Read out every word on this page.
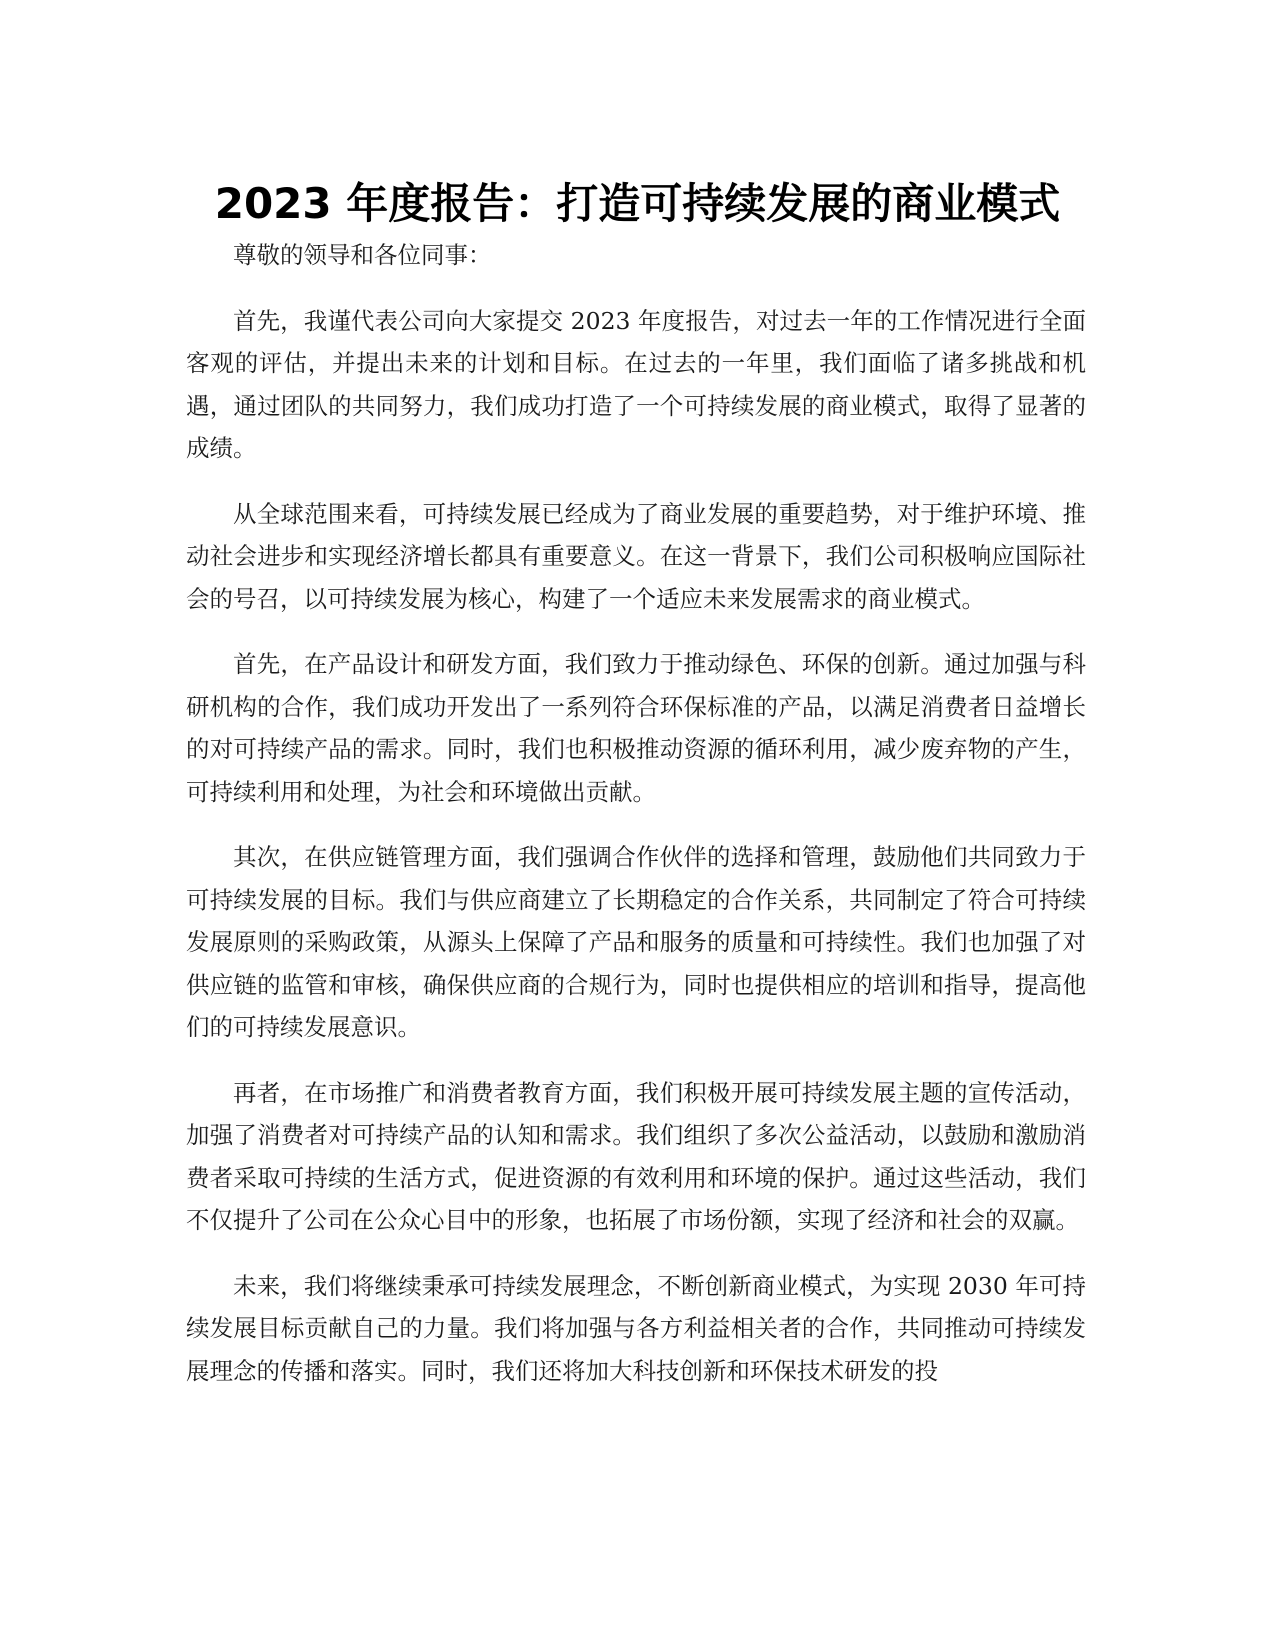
2023 年度报告：打造可持续发展的商业模式

尊敬的领导和各位同事：

首先，我谨代表公司向大家提交 2023 年度报告，对过去一年的工作情况进行全面客观的评估，并提出未来的计划和目标。在过去的一年里，我们面临了诸多挑战和机遇，通过团队的共同努力，我们成功打造了一个可持续发展的商业模式，取得了显著的成绩。

从全球范围来看，可持续发展已经成为了商业发展的重要趋势，对于维护环境、推动社会进步和实现经济增长都具有重要意义。在这一背景下，我们公司积极响应国际社会的号召，以可持续发展为核心，构建了一个适应未来发展需求的商业模式。

首先，在产品设计和研发方面，我们致力于推动绿色、环保的创新。通过加强与科研机构的合作，我们成功开发出了一系列符合环保标准的产品，以满足消费者日益增长的对可持续产品的需求。同时，我们也积极推动资源的循环利用，减少废弃物的产生，可持续利用和处理，为社会和环境做出贡献。

其次，在供应链管理方面，我们强调合作伙伴的选择和管理，鼓励他们共同致力于可持续发展的目标。我们与供应商建立了长期稳定的合作关系，共同制定了符合可持续发展原则的采购政策，从源头上保障了产品和服务的质量和可持续性。我们也加强了对供应链的监管和审核，确保供应商的合规行为，同时也提供相应的培训和指导，提高他们的可持续发展意识。

再者，在市场推广和消费者教育方面，我们积极开展可持续发展主题的宣传活动，加强了消费者对可持续产品的认知和需求。我们组织了多次公益活动，以鼓励和激励消费者采取可持续的生活方式，促进资源的有效利用和环境的保护。通过这些活动，我们不仅提升了公司在公众心目中的形象，也拓展了市场份额，实现了经济和社会的双赢。

未来，我们将继续秉承可持续发展理念，不断创新商业模式，为实现 2030 年可持续发展目标贡献自己的力量。我们将加强与各方利益相关者的合作，共同推动可持续发展理念的传播和落实。同时，我们还将加大科技创新和环保技术研发的投
